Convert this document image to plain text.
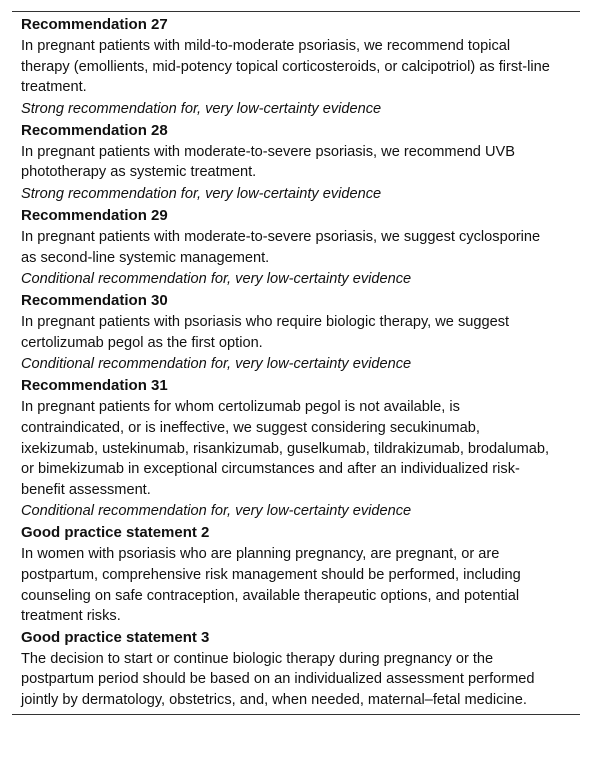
Recommendation 27

In pregnant patients with mild-to-moderate psoriasis, we recommend topical therapy (emollients, mid-potency topical corticosteroids, or calcipotriol) as first-line treatment.

Strong recommendation for, very low-certainty evidence

Recommendation 28

In pregnant patients with moderate-to-severe psoriasis, we recommend UVB phototherapy as systemic treatment.

Strong recommendation for, very low-certainty evidence

Recommendation 29

In pregnant patients with moderate-to-severe psoriasis, we suggest cyclosporine as second-line systemic management.

Conditional recommendation for, very low-certainty evidence

Recommendation 30

In pregnant patients with psoriasis who require biologic therapy, we suggest certolizumab pegol as the first option.

Conditional recommendation for, very low-certainty evidence

Recommendation 31

In pregnant patients for whom certolizumab pegol is not available, is contraindicated, or is ineffective, we suggest considering secukinumab, ixekizumab, ustekinumab, risankizumab, guselkumab, tildrakizumab, brodalumab, or bimekizumab in exceptional circumstances and after an individualized risk-benefit assessment.

Conditional recommendation for, very low-certainty evidence

Good practice statement 2

In women with psoriasis who are planning pregnancy, are pregnant, or are postpartum, comprehensive risk management should be performed, including counseling on safe contraception, available therapeutic options, and potential treatment risks.

Good practice statement 3

The decision to start or continue biologic therapy during pregnancy or the postpartum period should be based on an individualized assessment performed jointly by dermatology, obstetrics, and, when needed, maternal–fetal medicine.
